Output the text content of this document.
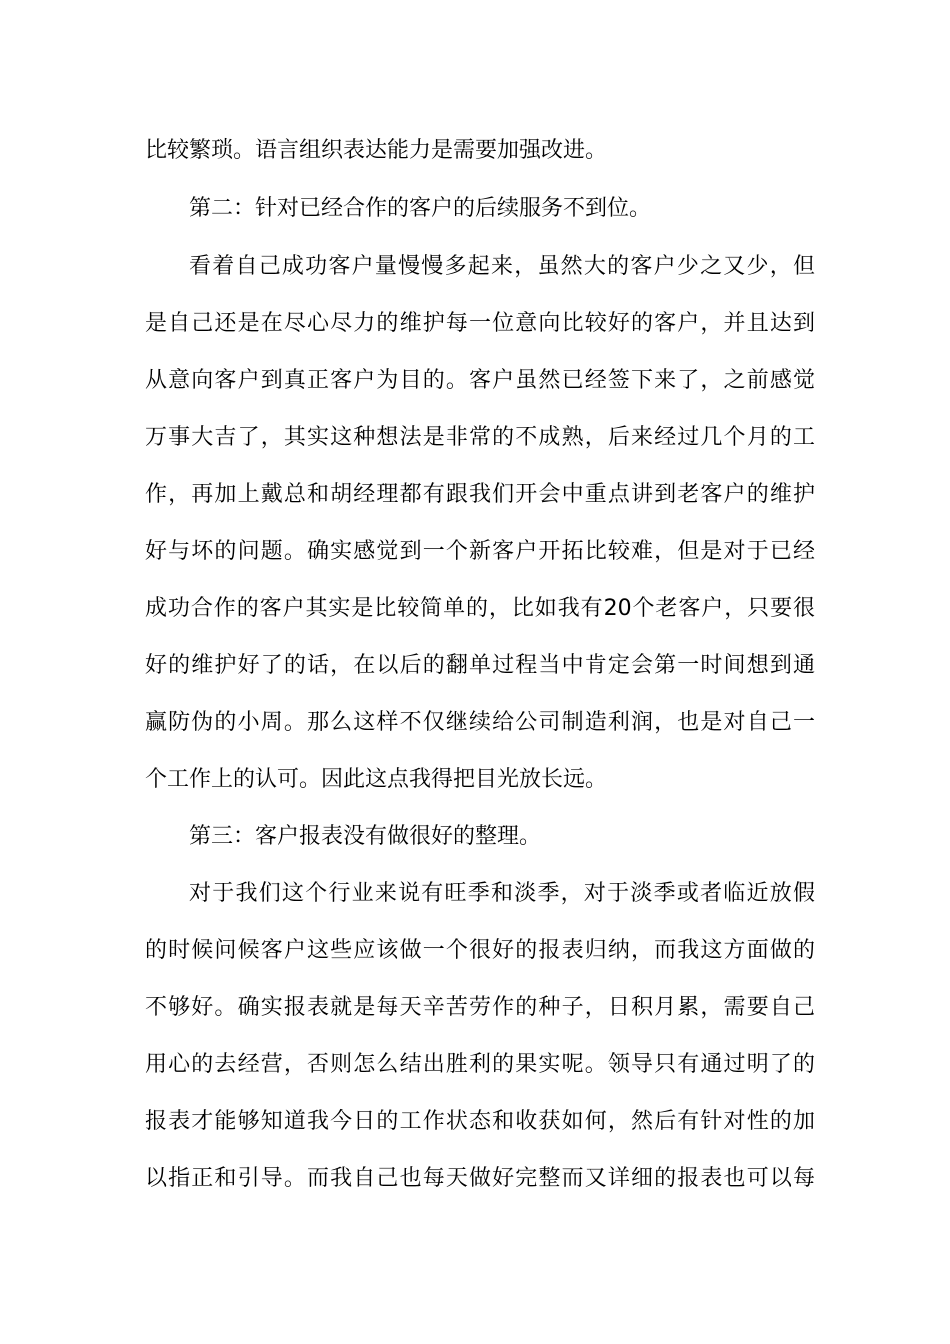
比较繁琐。语言组织表达能力是需要加强改进。
第二：针对已经合作的客户的后续服务不到位。
看着自己成功客户量慢慢多起来，虽然大的客户少之又少，但
是自己还是在尽心尽力的维护每一位意向比较好的客户，并且达到
从意向客户到真正客户为目的。客户虽然已经签下来了，之前感觉
万事大吉了，其实这种想法是非常的不成熟，后来经过几个月的工
作，再加上戴总和胡经理都有跟我们开会中重点讲到老客户的维护
好与坏的问题。确实感觉到一个新客户开拓比较难，但是对于已经
成功合作的客户其实是比较简单的，比如我有20个老客户，只要很
好的维护好了的话，在以后的翻单过程当中肯定会第一时间想到通
赢防伪的小周。那么这样不仅继续给公司制造利润，也是对自己一
个工作上的认可。因此这点我得把目光放长远。
第三：客户报表没有做很好的整理。
对于我们这个行业来说有旺季和淡季，对于淡季或者临近放假
的时候问候客户这些应该做一个很好的报表归纳，而我这方面做的
不够好。确实报表就是每天辛苦劳作的种子，日积月累，需要自己
用心的去经营，否则怎么结出胜利的果实呢。领导只有通过明了的
报表才能够知道我今日的工作状态和收获如何，然后有针对性的加
以指正和引导。而我自己也每天做好完整而又详细的报表也可以每
